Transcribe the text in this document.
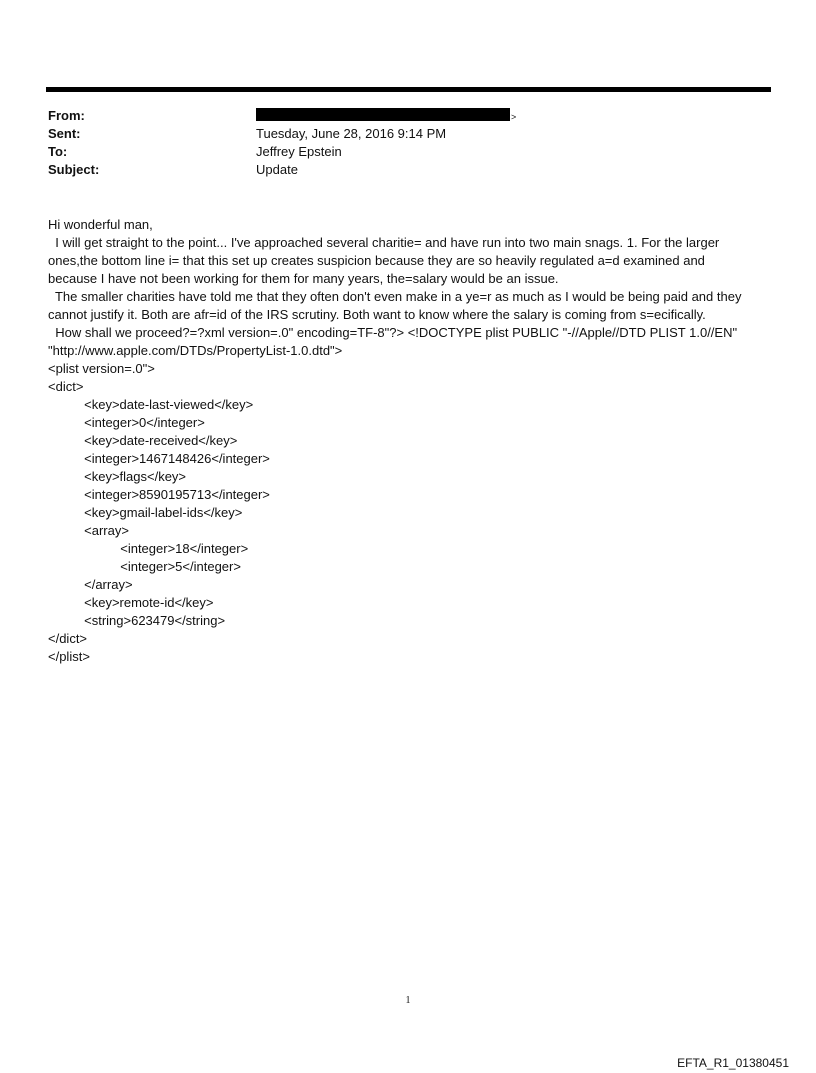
From:	>
Sent:	Tuesday, June 28, 2016 9:14 PM
To:	Jeffrey Epstein
Subject:	Update
Hi wonderful man,
I will get straight to the point... I've approached several charitie= and have run into two main snags. 1. For the larger
ones,the bottom line i= that this set up creates suspicion because they are so heavily regulated a=d examined and
because I have not been working for them for many years, the=salary would be an issue.
The smaller charities have told me that they often don't even make in a ye=r as much as I would be being paid and they
cannot justify it. Both are afr=id of the IRS scrutiny. Both want to know where the salary is coming from s=ecifically.
How shall we proceed?=?xml version=.0" encoding=TF-8"?> <!DOCTYPE plist PUBLIC "-//Apple//DTD PLIST 1.0//EN"
"http://www.apple.com/DTDs/PropertyList-1.0.dtd">
<plist version=.0">
<dict>
<key>date-last-viewed</key>
<integer>0</integer>
<key>date-received</key>
<integer>1467148426</integer>
<key>flags</key>
<integer>8590195713</integer>
<key>gmail-label-ids</key>
<array>
<integer>18</integer>
<integer>5</integer>
</array>
<key>remote-id</key>
<string>623479</string>
</dict>
</plist>
1
EFTA_R1_01380451
